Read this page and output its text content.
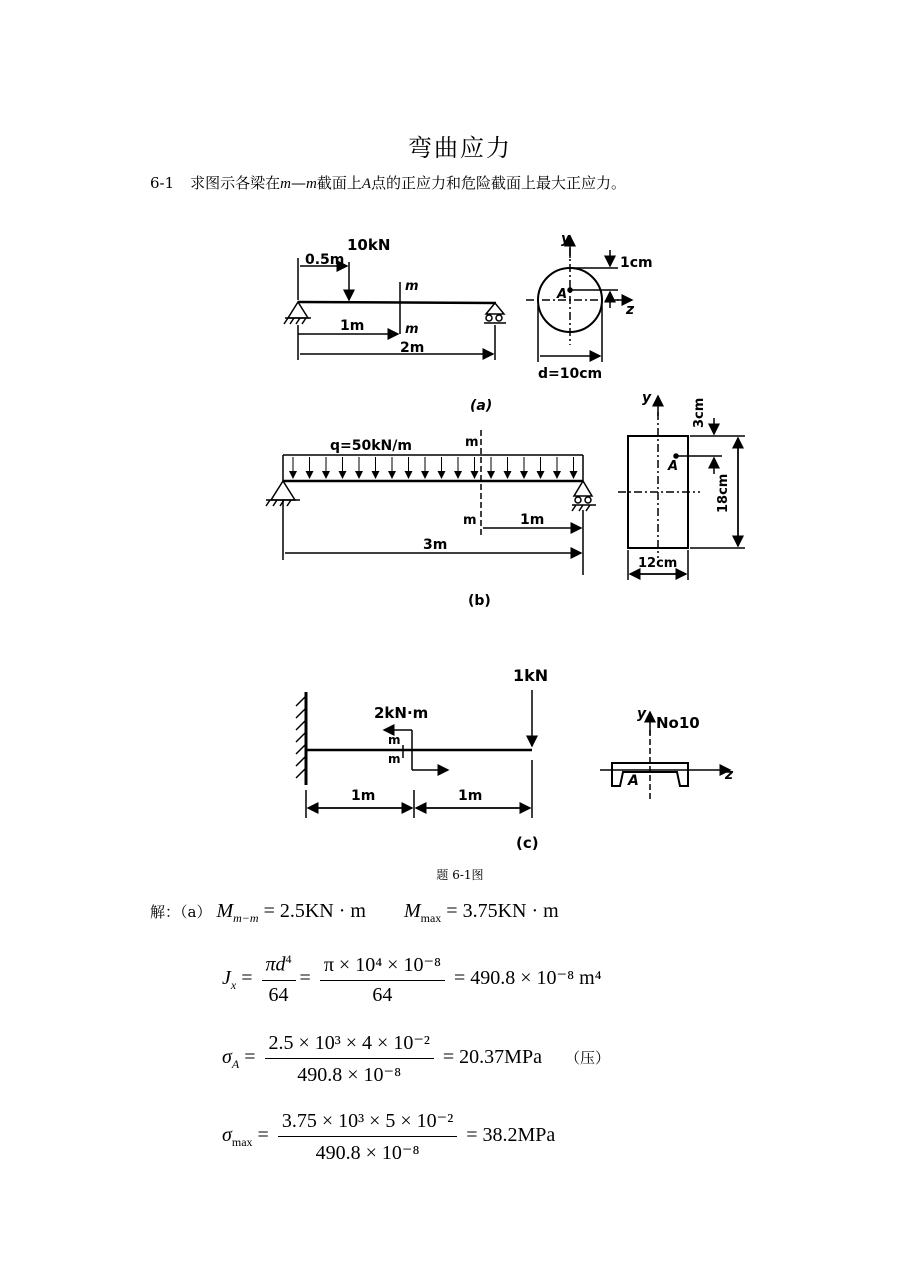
弯曲应力
6-1 求图示各梁在m—m截面上A点的正应力和危险截面上最大正应力。
10kN
0.5m
m
m
1m
2m
y
z
A
1cm
d=10cm
(a)
q=50kN/m	m
m	1m
3m
y
A
3cm
18cm
12cm
(b)
1kN
2kN·m
m
m
1m	1m
y
z
No10
A
(c)
题 6-1图
解：（a） $M_{m-m} = 2.5KN \cdot m$ $M_{max} = 3.75KN \cdot m$
$J_x = \frac{\pi d^4}{64} = \frac{\text{π × 10⁴ × 10⁻⁸}}{64} = 490.8 \times 10^{-8}$ m⁴
$\sigma_A = \frac{\text{2.5 × 10³ × 4 × 10⁻²}}{\text{490.8 × 10⁻⁸}} = 20.37MPa$ （压）
$\sigma_{max} = \frac{\text{3.75 × 10³ × 5 × 10⁻²}}{\text{490.8 × 10⁻⁸}} = 38.2MPa$
